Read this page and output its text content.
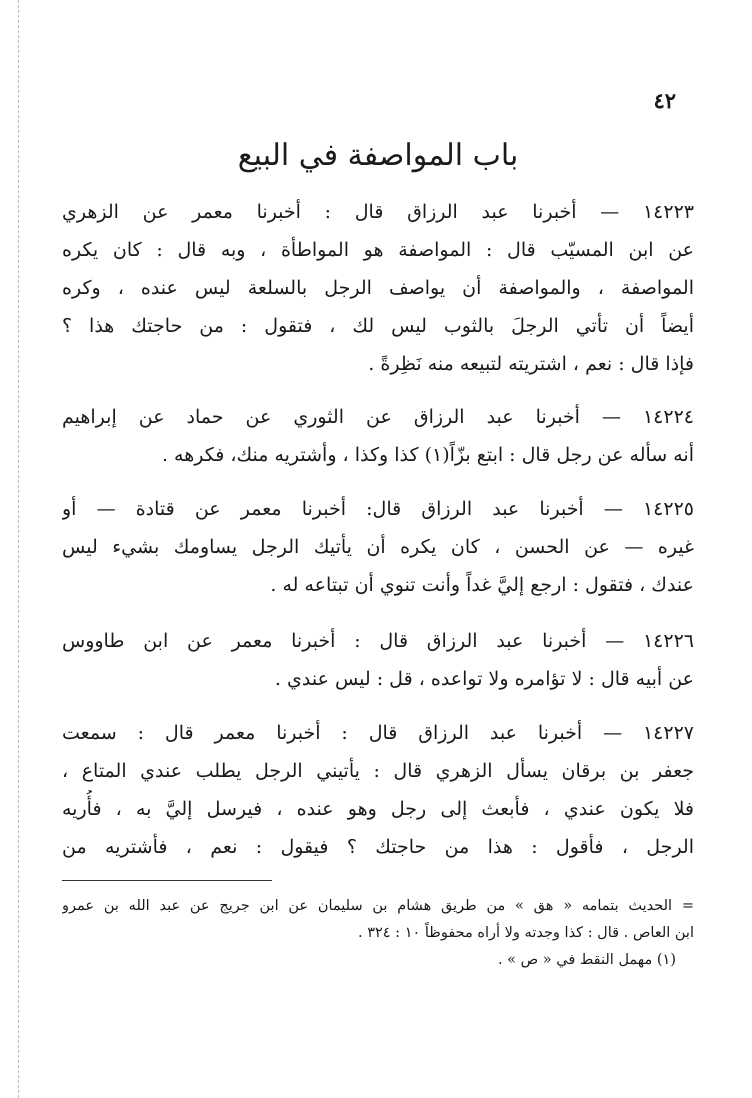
٤٢
باب المواصفة في البيع
١٤٢٢٣ — أخبرنا عبد الرزاق قال : أخبرنا معمر عن الزهري
عن ابن المسيّب قال : المواصفة هو المواطأة ، وبه قال : كان يكره
المواصفة ، والمواصفة أن يواصف الرجل بالسلعة ليس عنده ، وكره
أيضاً أن تأتي الرجلَ بالثوب ليس لك ، فتقول : من حاجتك هذا ؟
فإذا قال : نعم ، اشتريته لتبيعه منه نَظِرةً .
١٤٢٢٤ — أخبرنا عبد الرزاق عن الثوري عن حماد عن إبراهيم
أنه سأله عن رجل قال : ابتع بزّاً(١) كذا وكذا ، وأشتريه منك، فكرهه .
١٤٢٢٥ — أخبرنا عبد الرزاق قال: أخبرنا معمر عن قتادة — أو
غيره — عن الحسن ، كان يكره أن يأتيك الرجل يساومك بشيء ليس
عندك ، فتقول : ارجع إليَّ غداً وأنت تنوي أن تبتاعه له .
١٤٢٢٦ — أخبرنا عبد الرزاق قال : أخبرنا معمر عن ابن طاووس
عن أبيه قال : لا تؤامره ولا تواعده ، قل : ليس عندي .
١٤٢٢٧ — أخبرنا عبد الرزاق قال : أخبرنا معمر قال : سمعت
جعفر بن برقان يسأل الزهري قال : يأتيني الرجل يطلب عندي المتاع ،
فلا يكون عندي ، فأبعث إلى رجل وهو عنده ، فيرسل إليَّ به ، فأُريه
الرجل ، فأقول : هذا من حاجتك ؟ فيقول : نعم ، فأشتريه من
= الحديث بتمامه « هق » من طريق هشام بن سليمان عن ابن جريج عن عبد الله بن عمرو
ابن العاص . قال : كذا وجدته ولا أراه محفوظاً ١٠ : ٣٢٤ .
(١) مهمل النقط في « ص » .
